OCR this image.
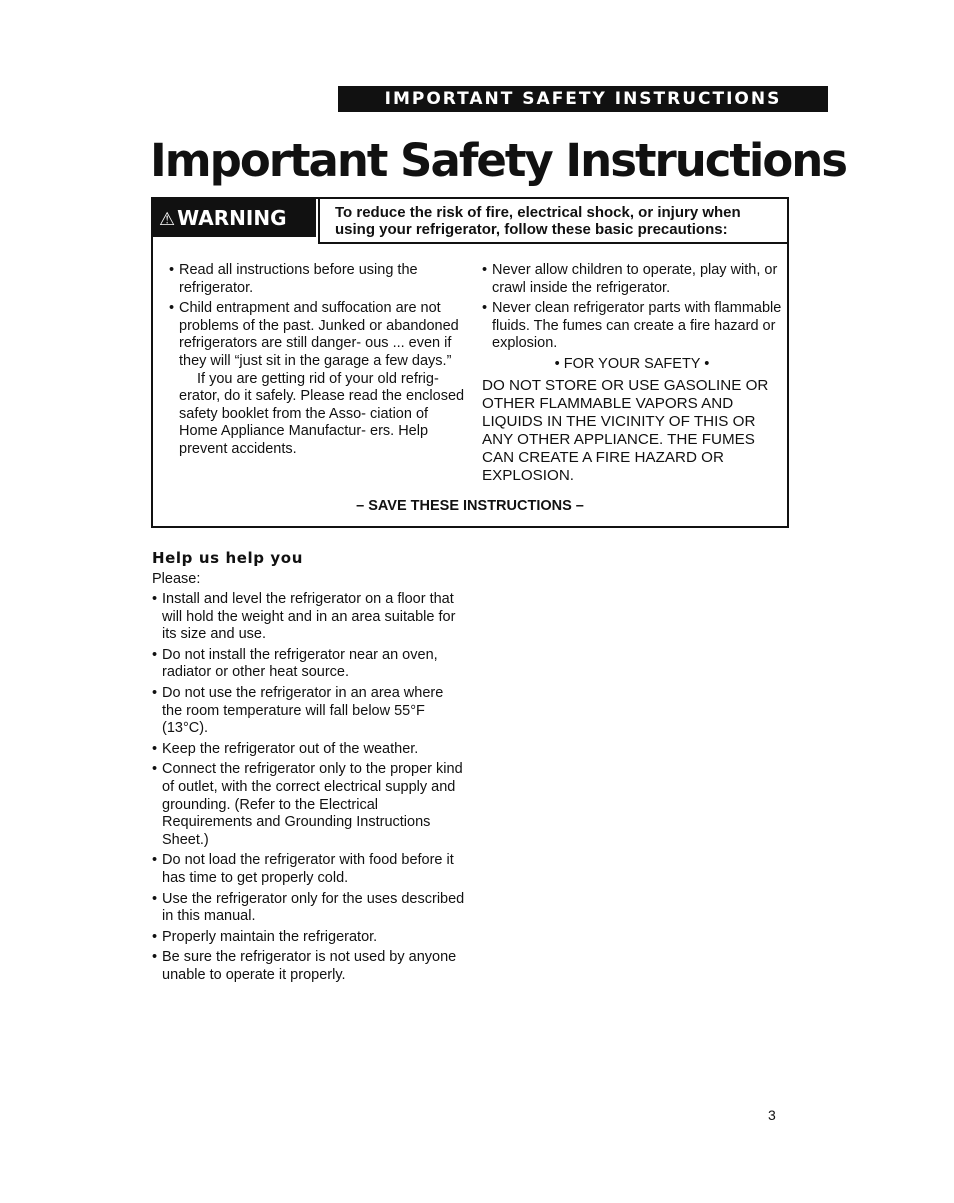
IMPORTANT SAFETY INSTRUCTIONS
Important Safety Instructions
⚠ WARNING	To reduce the risk of fire, electrical shock, or injury when
using your refrigerator, follow these basic precautions:
• Read all instructions before using the refrigerator.
• Child entrapment and suffocation are not problems of the past. Junked or abandoned refrigerators are still danger- ous ... even if they will “just sit in the garage a few days.”
If you are getting rid of your old refrig- erator, do it safely. Please read the enclosed safety booklet from the Asso- ciation of Home Appliance Manufactur- ers. Help prevent accidents.
• Never allow children to operate, play with, or crawl inside the refrigerator.
• Never clean refrigerator parts with flammable fluids. The fumes can create a fire hazard or explosion.
• FOR YOUR SAFETY •
DO NOT STORE OR USE GASOLINE OR OTHER FLAMMABLE VAPORS AND LIQUIDS IN THE VICINITY OF THIS OR ANY OTHER APPLIANCE. THE FUMES CAN CREATE A FIRE HAZARD OR EXPLOSION.
– SAVE THESE INSTRUCTIONS –
Help us help you
Please:
• Install and level the refrigerator on a floor that will hold the weight and in an area suitable for its size and use.
• Do not install the refrigerator near an oven, radiator or other heat source.
• Do not use the refrigerator in an area where the room temperature will fall below 55°F (13°C).
• Keep the refrigerator out of the weather.
• Connect the refrigerator only to the proper kind of outlet, with the correct electrical supply and grounding. (Refer to the Electrical Requirements and Grounding Instructions Sheet.)
• Do not load the refrigerator with food before it has time to get properly cold.
• Use the refrigerator only for the uses described in this manual.
• Properly maintain the refrigerator.
• Be sure the refrigerator is not used by anyone unable to operate it properly.
3
